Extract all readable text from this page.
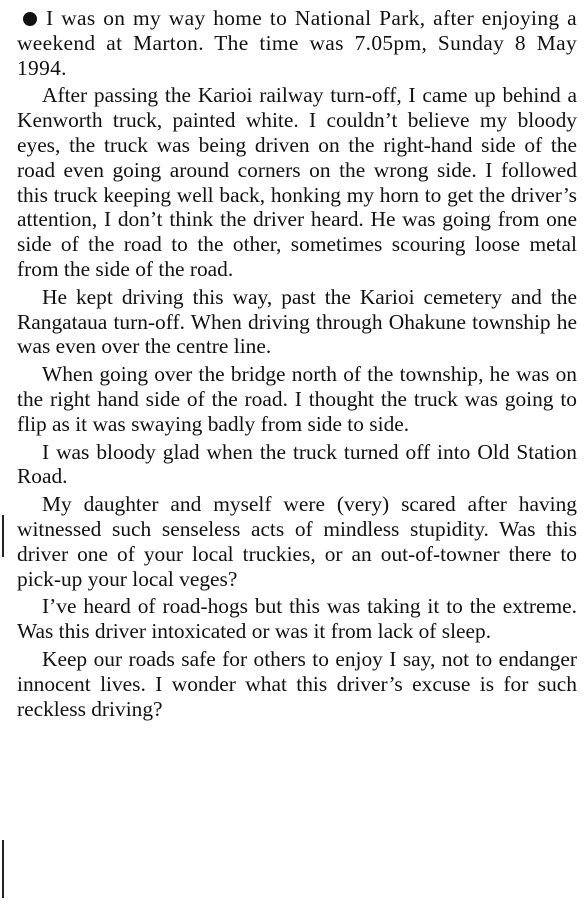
I was on my way home to National Park, after enjoying a weekend at Marton. The time was 7.05pm, Sunday 8 May 1994.

After passing the Karioi railway turn-off, I came up behind a Kenworth truck, painted white. I couldn’t believe my bloody eyes, the truck was being driven on the right-hand side of the road even going around corners on the wrong side. I followed this truck keeping well back, honking my horn to get the driver’s attention, I don’t think the driver heard. He was going from one side of the road to the other, sometimes scouring loose metal from the side of the road.

He kept driving this way, past the Karioi cemetery and the Rangataua turn-off. When driving through Ohakune township he was even over the centre line.

When going over the bridge north of the township, he was on the right hand side of the road. I thought the truck was going to flip as it was swaying badly from side to side.

I was bloody glad when the truck turned off into Old Station Road.

My daughter and myself were (very) scared after having witnessed such senseless acts of mindless stupidity. Was this driver one of your local truckies, or an out-of-towner there to pick-up your local veges?

I’ve heard of road-hogs but this was taking it to the extreme. Was this driver intoxicated or was it from lack of sleep.

Keep our roads safe for others to enjoy I say, not to endanger innocent lives. I wonder what this driver’s excuse is for such reckless driving?
